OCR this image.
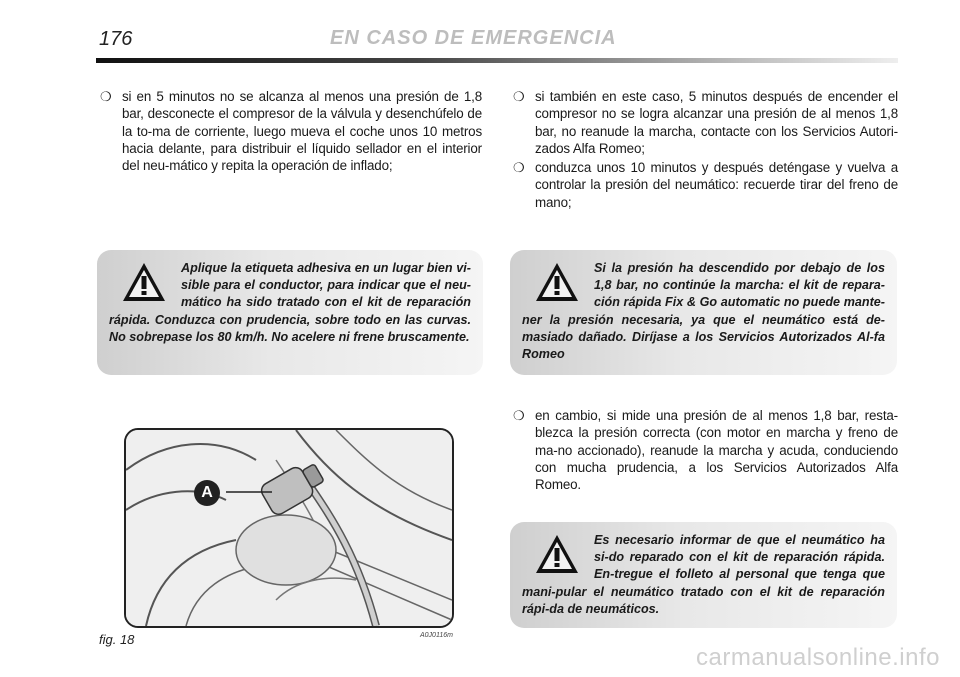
176	EN CASO DE EMERGENCIA
❍ si en 5 minutos no se alcanza al menos una presión de 1,8 bar, desconecte el compresor de la válvula y desenchúfelo de la to-ma de corriente, luego mueva el coche unos 10 metros hacia delante, para distribuir el líquido sellador en el interior del neu-mático y repita la operación de inflado;
❍ si también en este caso, 5 minutos después de encender el compresor no se logra alcanzar una presión de al menos 1,8 bar, no reanude la marcha, contacte con los Servicios Autori-zados Alfa Romeo;
❍ conduzca unos 10 minutos y después deténgase y vuelva a controlar la presión del neumático: recuerde tirar del freno de mano;
Aplique la etiqueta adhesiva en un lugar bien vi-sible para el conductor, para indicar que el neu-mático ha sido tratado con el kit de reparación rápida. Conduzca con prudencia, sobre todo en las curvas. No sobrepase los 80 km/h. No acelere ni frene bruscamente.
Si la presión ha descendido por debajo de los 1,8 bar, no continúe la marcha: el kit de repara-ción rápida Fix & Go automatic no puede mante-ner la presión necesaria, ya que el neumático está de-masiado dañado. Diríjase a los Servicios Autorizados Al-fa Romeo
❍ en cambio, si mide una presión de al menos 1,8 bar, resta-blezca la presión correcta (con motor en marcha y freno de ma-no accionado), reanude la marcha y acuda, conduciendo con mucha prudencia, a los Servicios Autorizados Alfa Romeo.
Es necesario informar de que el neumático ha si-do reparado con el kit de reparación rápida. En-tregue el folleto al personal que tenga que mani-pular el neumático tratado con el kit de reparación rápi-da de neumáticos.
A
fig. 18	A0J0116m
carmanualsonline.info
